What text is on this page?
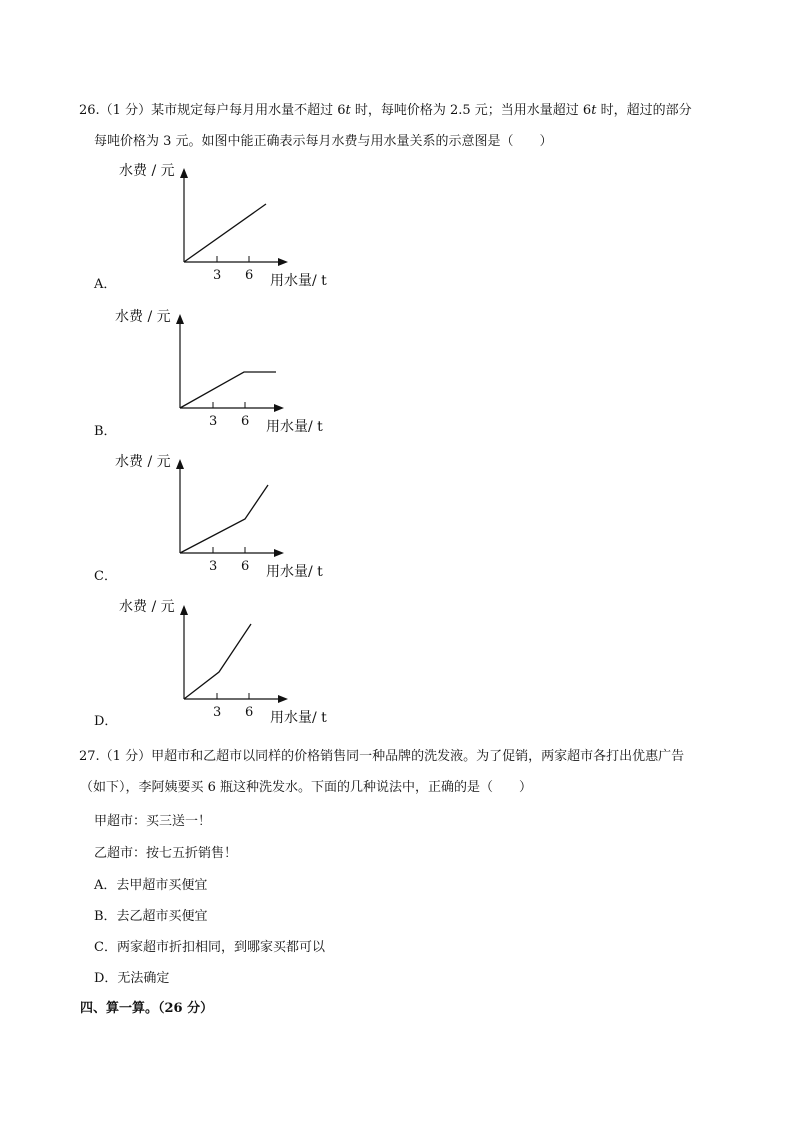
26.（1 分）某市规定每户每月用水量不超过 6t 时，每吨价格为 2.5 元；当用水量超过 6t 时，超过的部分
每吨价格为 3 元。如图中能正确表示每月水费与用水量关系的示意图是（　　）
水费 / 元
用水量/ t
3 6
A．
水费 / 元
用水量/ t
3 6
B．
水费 / 元
用水量/ t
3 6
C．
水费 / 元
用水量/ t
3 6
D．
27.（1 分）甲超市和乙超市以同样的价格销售同一种品牌的洗发液。为了促销，两家超市各打出优惠广告
（如下），李阿姨要买 6 瓶这种洗发水。下面的几种说法中，正确的是（　　）
甲超市：买三送一！
乙超市：按七五折销售！
A．去甲超市买便宜
B．去乙超市买便宜
C．两家超市折扣相同，到哪家买都可以
D．无法确定
四、算一算。（26 分）
